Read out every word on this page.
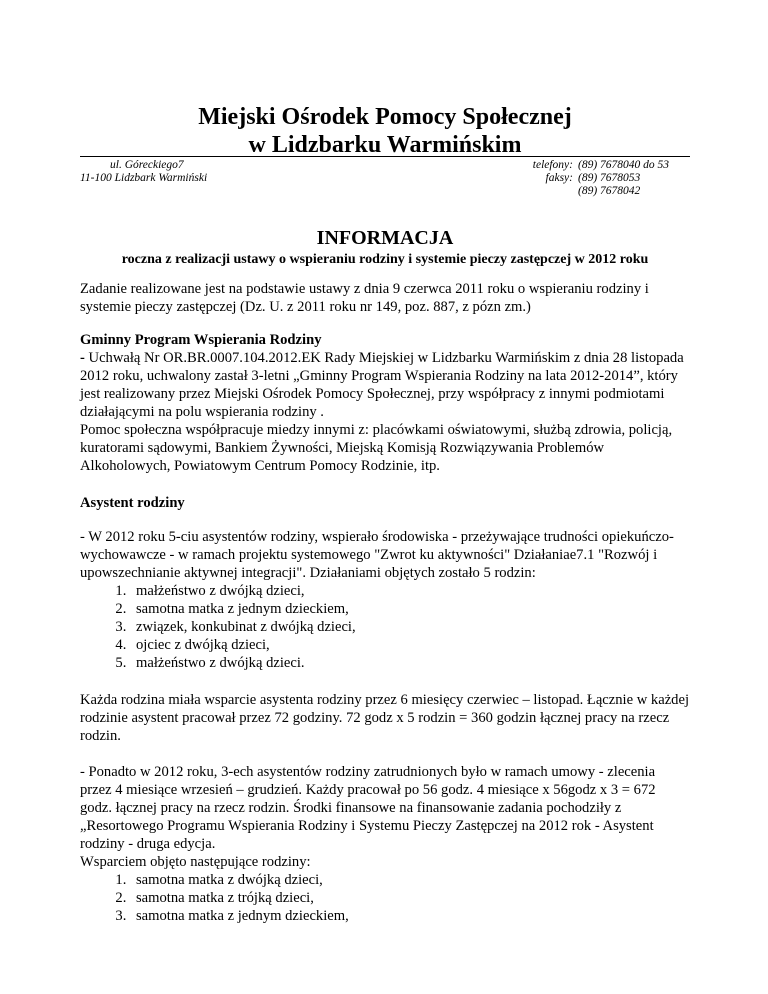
Miejski Ośrodek Pomocy Społecznej
w Lidzbarku Warmińskim
ul. Góreckiego7
11-100 Lidzbark Warmiński
telefony: (89) 7678040 do 53
faksy: (89) 7678053
(89) 7678042
INFORMACJA
roczna z realizacji ustawy o wspieraniu rodziny i systemie pieczy zastępczej w 2012 roku

Zadanie realizowane jest na podstawie ustawy z dnia 9 czerwca 2011 roku o wspieraniu rodziny i systemie pieczy zastępczej (Dz. U. z 2011 roku nr 149, poz. 887, z pózn zm.)

Gminny Program Wspierania Rodziny

- Uchwałą Nr OR.BR.0007.104.2012.EK Rady Miejskiej w Lidzbarku Warmińskim z dnia 28 listopada 2012 roku, uchwalony zastał 3-letni „Gminny Program Wspierania Rodziny na lata 2012-2014”, który jest realizowany przez Miejski Ośrodek Pomocy Społecznej, przy współpracy z innymi podmiotami działającymi na polu wspierania rodziny .

Pomoc społeczna współpracuje miedzy innymi z: placówkami oświatowymi, służbą zdrowia, policją, kuratorami sądowymi, Bankiem Żywności, Miejską Komisją Rozwiązywania Problemów Alkoholowych, Powiatowym Centrum Pomocy Rodzinie, itp.

Asystent rodziny

- W 2012 roku 5-ciu asystentów rodziny, wspierało środowiska - przeżywające trudności opiekuńczo-wychowawcze - w ramach projektu systemowego "Zwrot ku aktywności" Działaniae7.1 "Rozwój i upowszechnianie aktywnej integracji". Działaniami objętych zostało 5 rodzin:

1. małżeństwo z dwójką dzieci,
2. samotna matka z jednym dzieckiem,
3. związek, konkubinat z dwójką dzieci,
4. ojciec z dwójką dzieci,
5. małżeństwo z dwójką dzieci.

Każda rodzina miała wsparcie asystenta rodziny przez 6 miesięcy czerwiec – listopad. Łącznie w każdej rodzinie asystent pracował przez 72 godziny. 72 godz x 5 rodzin = 360 godzin łącznej pracy na rzecz rodzin.

- Ponadto w 2012 roku, 3-ech asystentów rodziny zatrudnionych było w ramach umowy - zlecenia przez 4 miesiące wrzesień – grudzień. Każdy pracował po 56 godz. 4 miesiące x 56godz x 3 = 672 godz. łącznej pracy na rzecz rodzin. Środki finansowe na finansowanie zadania pochodziły z „Resortowego Programu Wspierania Rodziny i Systemu Pieczy Zastępczej na 2012 rok - Asystent rodziny - druga edycja.

Wsparciem objęto następujące rodziny:

1. samotna matka z dwójką dzieci,
2. samotna matka z trójką dzieci,
3. samotna matka z jednym dzieckiem,
